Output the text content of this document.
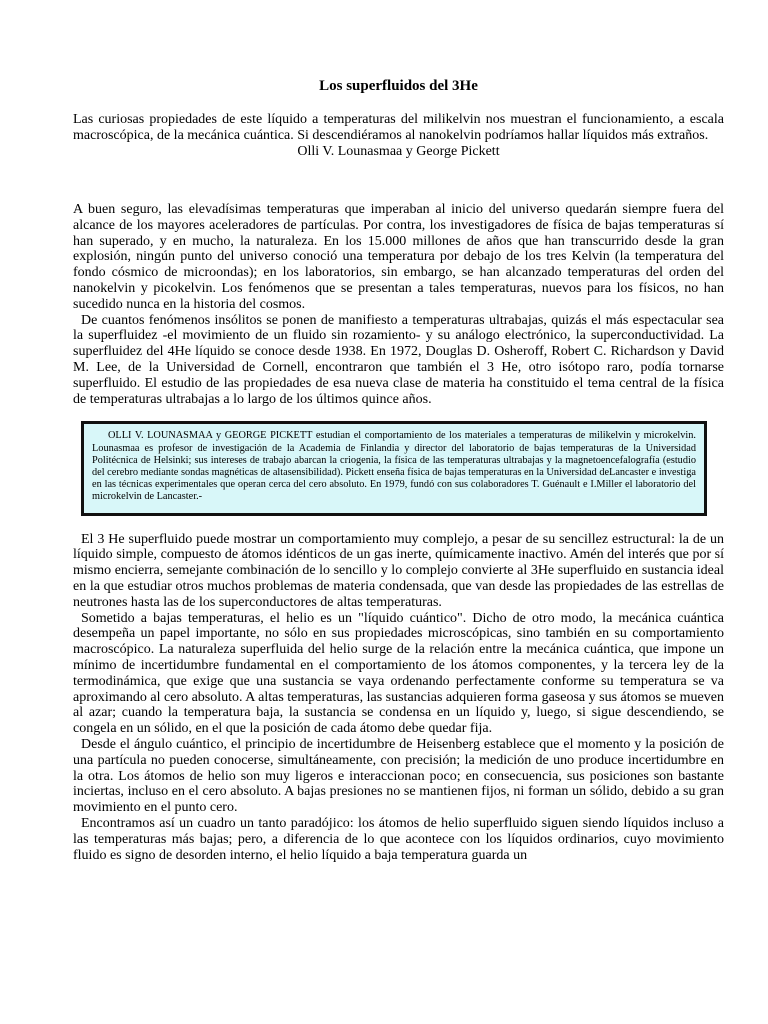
Los superfluidos del 3He

Las curiosas propiedades de este líquido a temperaturas del milikelvin nos muestran el funcionamiento, a escala macroscópica, de la mecánica cuántica. Si descendiéramos al nanokelvin podríamos hallar líquidos más extraños.

Olli V. Lounasmaa y George Pickett

A buen seguro, las elevadísimas temperaturas que imperaban al inicio del universo quedarán siempre fuera del alcance de los mayores aceleradores de partículas. Por contra, los investigadores de física de bajas temperaturas sí han superado, y en mucho, la naturaleza. En los 15.000 millones de años que han transcurrido desde la gran explosión, ningún punto del universo conoció una temperatura por debajo de los tres Kelvin (la temperatura del fondo cósmico de microondas); en los laboratorios, sin embargo, se han alcanzado temperaturas del orden del nanokelvin y picokelvin. Los fenómenos que se presentan a tales temperaturas, nuevos para los físicos, no han sucedido nunca en la historia del cosmos.

De cuantos fenómenos insólitos se ponen de manifiesto a temperaturas ultrabajas, quizás el más espectacular sea la superfluidez -el movimiento de un fluido sin rozamiento- y su análogo electrónico, la superconductividad. La superfluidez del 4He líquido se conoce desde 1938. En 1972, Douglas D. Osheroff, Robert C. Richardson y David M. Lee, de la Universidad de Cornell, encontraron que también el 3 He, otro isótopo raro, podía tornarse superfluido. El estudio de las propiedades de esa nueva clase de materia ha constituido el tema central de la física de temperaturas ultrabajas a lo largo de los últimos quince años.

OLLI V. LOUNASMAA y GEORGE PICKETT estudian el comportamiento de los materiales a temperaturas de milikelvin y microkelvin. Lounasmaa es profesor de investigación de la Academia de Finlandia y director del laboratorio de bajas temperaturas de la Universidad Politécnica de Helsinki; sus intereses de trabajo abarcan la criogenia, la física de las temperaturas ultrabajas y la magnetoencefalografía (estudio del cerebro mediante sondas magnéticas de altasensibilidad). Pickett enseña física de bajas temperaturas en la Universidad deLancaster e investiga en las técnicas experimentales que operan cerca del cero absoluto. En 1979, fundó con sus colaboradores T. Guénault e I.Miller el laboratorio del microkelvin de Lancaster.-

El 3 He superfluido puede mostrar un comportamiento muy complejo, a pesar de su sencillez estructural: la de un líquido simple, compuesto de átomos idénticos de un gas inerte, químicamente inactivo. Amén del interés que por sí mismo encierra, semejante combinación de lo sencillo y lo complejo convierte al 3He superfluido en sustancia ideal en la que estudiar otros muchos problemas de materia condensada, que van desde las propiedades de las estrellas de neutrones hasta las de los superconductores de altas temperaturas.

Sometido a bajas temperaturas, el helio es un "líquido cuántico". Dicho de otro modo, la mecánica cuántica desempeña un papel importante, no sólo en sus propiedades microscópicas, sino también en su comportamiento macroscópico. La naturaleza superfluida del helio surge de la relación entre la mecánica cuántica, que impone un mínimo de incertidumbre fundamental en el comportamiento de los átomos componentes, y la tercera ley de la termodinámica, que exige que una sustancia se vaya ordenando perfectamente conforme su temperatura se va aproximando al cero absoluto. A altas temperaturas, las sustancias adquieren forma gaseosa y sus átomos se mueven al azar; cuando la temperatura baja, la sustancia se condensa en un líquido y, luego, si sigue descendiendo, se congela en un sólido, en el que la posición de cada átomo debe quedar fija.

Desde el ángulo cuántico, el principio de incertidumbre de Heisenberg establece que el momento y la posición de una partícula no pueden conocerse, simultáneamente, con precisión; la medición de uno produce incertidumbre en la otra. Los átomos de helio son muy ligeros e interaccionan poco; en consecuencia, sus posiciones son bastante inciertas, incluso en el cero absoluto. A bajas presiones no se mantienen fijos, ni forman un sólido, debido a su gran movimiento en el punto cero.

Encontramos así un cuadro un tanto paradójico: los átomos de helio superfluido siguen siendo líquidos incluso a las temperaturas más bajas; pero, a diferencia de lo que acontece con los líquidos ordinarios, cuyo movimiento fluido es signo de desorden interno, el helio líquido a baja temperatura guarda un
